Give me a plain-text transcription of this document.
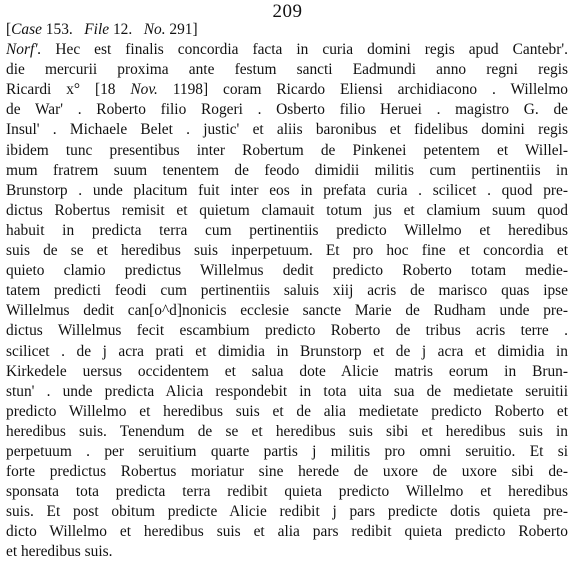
209
[Case 153. File 12. No. 291]
Norf'. Hec est finalis concordia facta in curia domini regis apud Cantebr'.
die mercurii proxima ante festum sancti Eadmundi anno regni regis
Ricardi x° [18 Nov. 1198] coram Ricardo Eliensi archidiacono . Willelmo
de War' . Roberto filio Rogeri . Osberto filio Heruei . magistro G. de
Insul' . Michaele Belet . justic' et aliis baronibus et fidelibus domini regis
ibidem tunc presentibus inter Robertum de Pinkenei petentem et Willel-
mum fratrem suum tenentem de feodo dimidii militis cum pertinentiis in
Brunstorp . unde placitum fuit inter eos in prefata curia . scilicet . quod pre-
dictus Robertus remisit et quietum clamauit totum jus et clamium suum quod
habuit in predicta terra cum pertinentiis predicto Willelmo et heredibus
suis de se et heredibus suis inperpetuum. Et pro hoc fine et concordia et
quieto clamio predictus Willelmus dedit predicto Roberto totam medie-
tatem predicti feodi cum pertinentiis saluis xiij acris de marisco quas ipse
Willelmus dedit can[o^d]nonicis ecclesie sancte Marie de Rudham unde pre-
dictus Willelmus fecit escambium predicto Roberto de tribus acris terre .
scilicet . de j acra prati et dimidia in Brunstorp et de j acra et dimidia in
Kirkedele uersus occidentem et salua dote Alicie matris eorum in Brun-
stun' . unde predicta Alicia respondebit in tota uita sua de medietate seruitii
predicto Willelmo et heredibus suis et de alia medietate predicto Roberto et
heredibus suis. Tenendum de se et heredibus suis sibi et heredibus suis in
perpetuum . per seruitium quarte partis j militis pro omni seruitio. Et si
forte predictus Robertus moriatur sine herede de uxore de uxore sibi de-
sponsata tota predicta terra redibit quieta predicto Willelmo et heredibus
suis. Et post obitum predicte Alicie redibit j pars predicte dotis quieta pre-
dicto Willelmo et heredibus suis et alia pars redibit quieta predicto Roberto
et heredibus suis.
